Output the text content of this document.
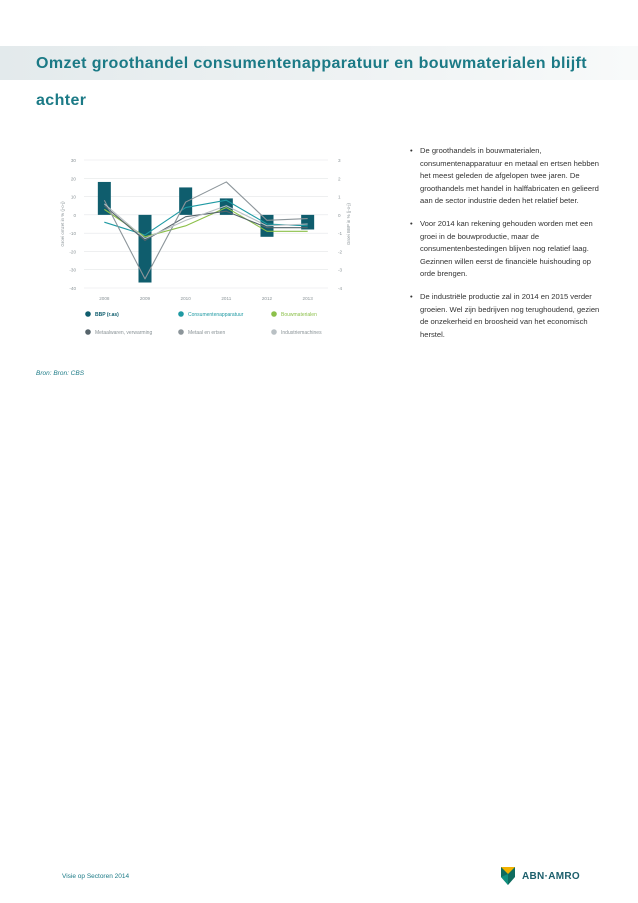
Omzet groothandel consumentenapparatuur en bouwmaterialen blijft
achter
30
20
10
0
-10
-20
-30
-40
3
2
1
0
-1
-2
-3
-4
Groei omzet in % (j-o-j)	Groei BBP in % (j-o-j)
2008	2009	2010	2011	2012	2013
BBP (r.as)	Consumentenapparatuur	Bouwmaterialen
Metaalwaren, verwarming	Metaal en ertsen	Industriemachines
• De groothandels in bouwmaterialen, consumentenapparatuur en metaal en ertsen hebben het meest geleden de afgelopen twee jaren. De groothandels met handel in halffabricaten en gelieerd aan de sector industrie deden het relatief beter.
• Voor 2014 kan rekening gehouden worden met een groei in de bouwproductie, maar de consumentenbestedingen blijven nog relatief laag. Gezinnen willen eerst de financiële huishouding op orde brengen.
• De industriële productie zal in 2014 en 2015 verder groeien. Wel zijn bedrijven nog terughoudend, gezien de onzekerheid en broosheid van het economisch herstel.
Bron: Bron: CBS
Visie op Sectoren 2014	ABN·AMRO
